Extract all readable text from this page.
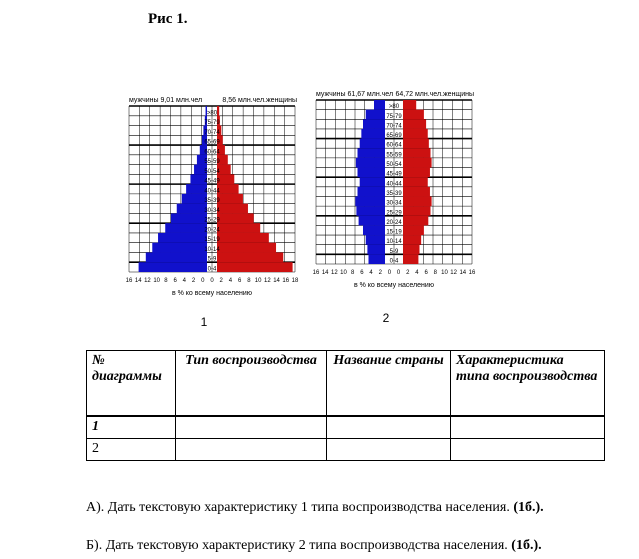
Рис 1.
мужчины 9,01 млн.чел	8,56 млн.чел.женщины
0-4
5-9
10-14
15-19
20-24
25-29
30-34
35-39
40-44
45-49
50-54
55-59
60-64
65-69
70-74
75-79
>80
16 14 12 10 8 6 4 2 0 0 2 4 6 8 10 12 14 16 18
в % ко всему населению
1
мужчины 61,67 млн.чел 64,72 млн.чел.женщины
0-4
5-9
10-14
15-19
20-24
25-29
30-34
35-39
40-44
45-49
50-54
55-59
60-64
65-69
70-74
75-79
>80
16 14 12 10 8 6 4 2 0 0 2 4 6 8 10 12 14 16
в % ко всему населению
2
№ диаграммы	Тип воспроизводства	Название страны	Характеристика типа воспроизводства
1			
2			
А). Дать текстовую характеристику 1 типа воспроизводства населения. (1б.).
Б). Дать текстовую характеристику 2 типа воспроизводства населения. (1б.).
